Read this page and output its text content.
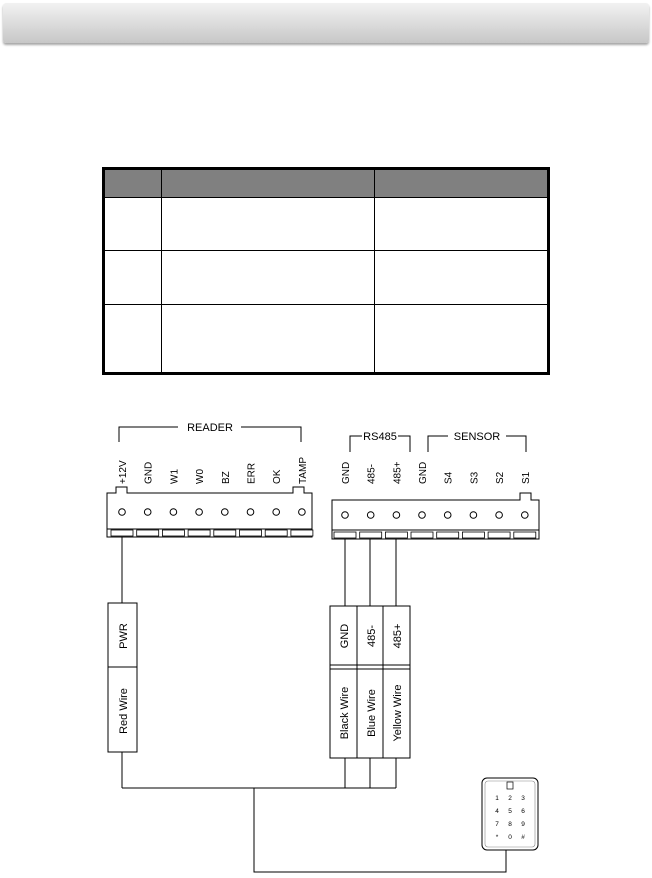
READER
RS485	SENSOR
+12V GND W1 W0 BZ ERR OK TAMP	GND 485- 485+ GND S4 S3 S2 S1
PWR
Red Wire
GND 485- 485+
Black Wire Blue Wire Yellow Wire
1 2 3
4 5 6
7 8 9
* 0 #
